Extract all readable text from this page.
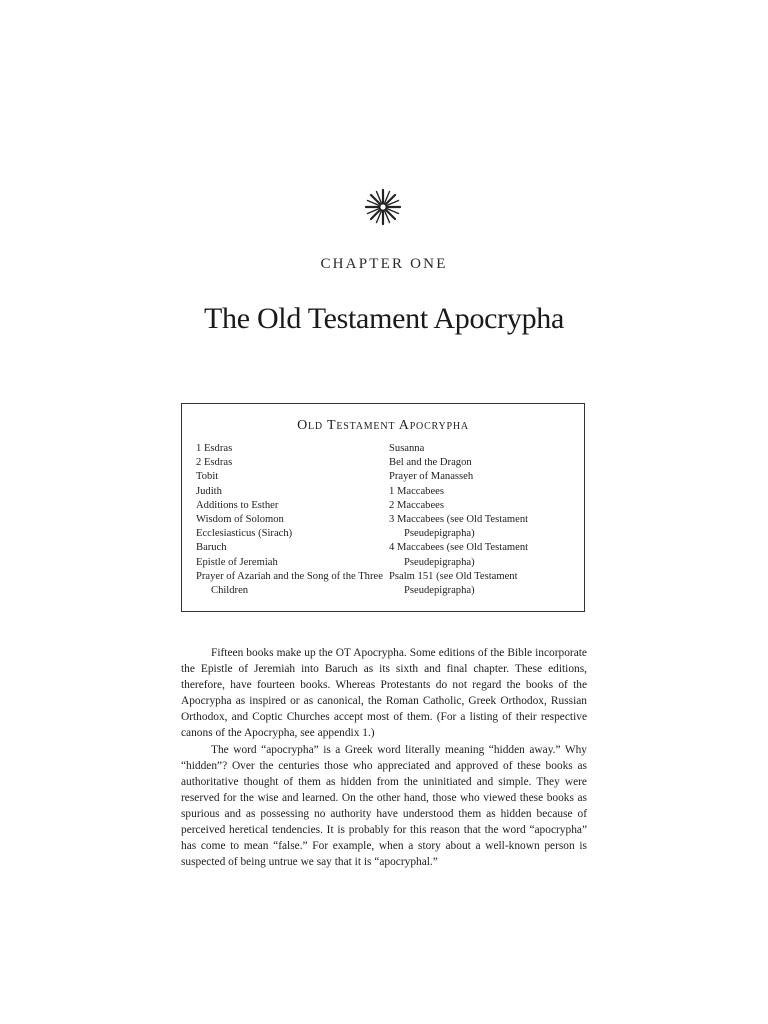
CHAPTER ONE
The Old Testament Apocrypha
Old Testament Apocrypha
1 Esdras
2 Esdras
Tobit
Judith
Additions to Esther
Wisdom of Solomon
Ecclesiasticus (Sirach)
Baruch
Epistle of Jeremiah
Prayer of Azariah and the Song of the Three Children
Susanna
Bel and the Dragon
Prayer of Manasseh
1 Maccabees
2 Maccabees
3 Maccabees (see Old Testament Pseudepigrapha)
4 Maccabees (see Old Testament Pseudepigrapha)
Psalm 151 (see Old Testament Pseudepigrapha)

Fifteen books make up the OT Apocrypha. Some editions of the Bible incorporate the Epistle of Jeremiah into Baruch as its sixth and final chapter. These editions, therefore, have fourteen books. Whereas Protestants do not regard the books of the Apocrypha as inspired or as canonical, the Roman Catholic, Greek Orthodox, Russian Orthodox, and Coptic Churches accept most of them. (For a listing of their respective canons of the Apocrypha, see appendix 1.)

The word “apocrypha” is a Greek word literally meaning “hidden away.” Why “hidden”? Over the centuries those who appreciated and approved of these books as authoritative thought of them as hidden from the uninitiated and simple. They were reserved for the wise and learned. On the other hand, those who viewed these books as spurious and as possessing no authority have understood them as hidden because of perceived heretical tendencies. It is probably for this reason that the word “apocrypha” has come to mean “false.” For example, when a story about a well-known person is suspected of being untrue we say that it is “apocryphal.”
